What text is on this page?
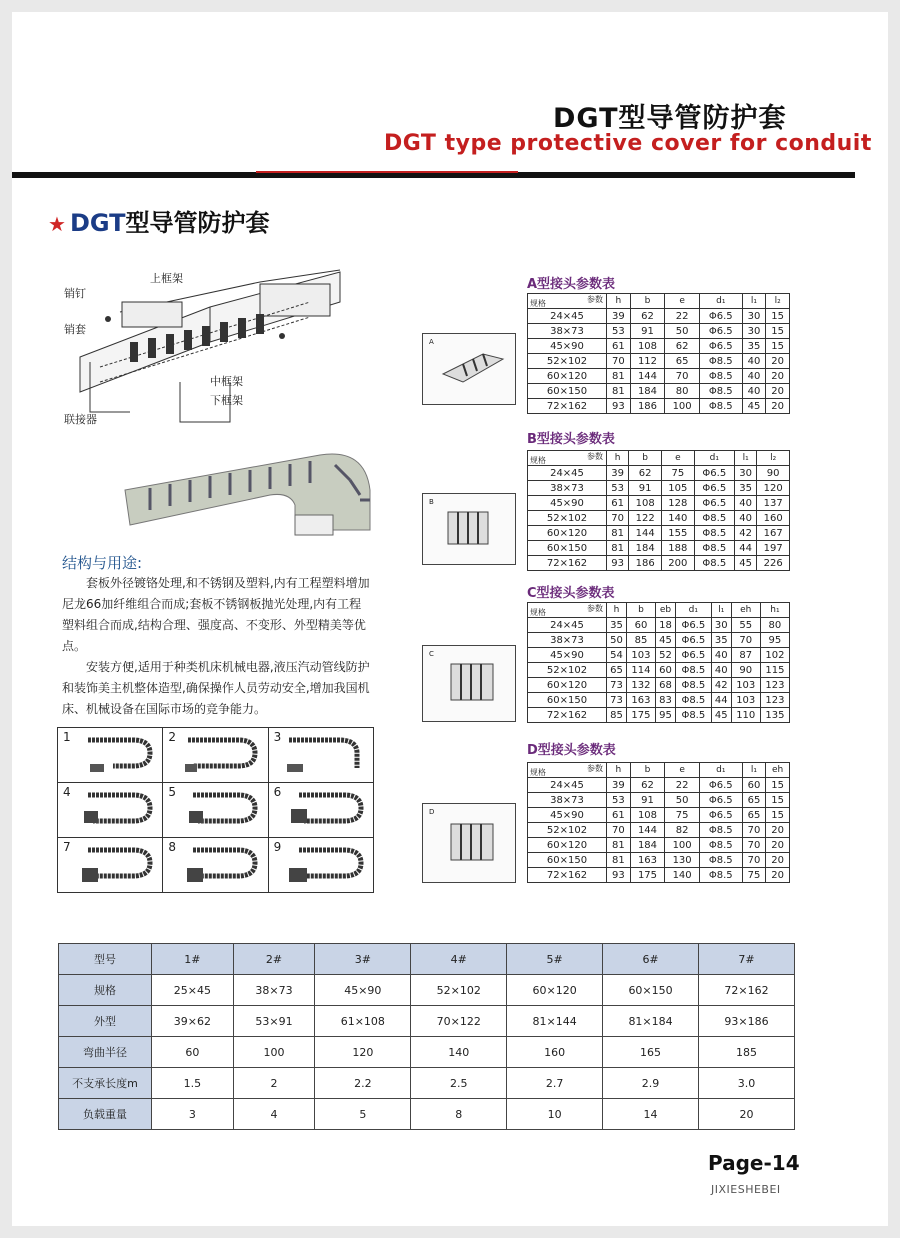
DGT型导管防护套
DGT type protective cover for conduit
★ DGT型导管防护套
上框架
销钉
销套
中框架
下框架
联接器
结构与用途:
套板外径镀铬处理,和不锈钢及塑料,内有工程塑料增加尼龙66加纤维组合而成;套板不锈钢板抛光处理,内有工程塑料组合而成,结构合理、强度高、不变形、外型精美等优点。
安装方便,适用于种类机床机械电器,液压汽动管线防护和装饰美主机整体造型,确保操作人员劳动安全,增加我国机床、机械设备在国际市场的竞争能力。
1	2	3

4	5	6

7	8	9
A
B
C
D
A型接头参数表
参数
规格	h	b	e	d₁	l₁	l₂
24×45	39	62	22	Φ6.5	30	15
38×73	53	91	50	Φ6.5	30	15
45×90	61	108	62	Φ6.5	35	15
52×102	70	112	65	Φ8.5	40	20
60×120	81	144	70	Φ8.5	40	20
60×150	81	184	80	Φ8.5	40	20
72×162	93	186	100	Φ8.5	45	20
B型接头参数表
参数
规格	h	b	e	d₁	l₁	l₂
24×45	39	62	75	Φ6.5	30	90
38×73	53	91	105	Φ6.5	35	120
45×90	61	108	128	Φ6.5	40	137
52×102	70	122	140	Φ8.5	40	160
60×120	81	144	155	Φ8.5	42	167
60×150	81	184	188	Φ8.5	44	197
72×162	93	186	200	Φ8.5	45	226
C型接头参数表
参数
规格	h	b	eb	d₁	l₁	eh	h₁
24×45	35	60	18	Φ6.5	30	55	80
38×73	50	85	45	Φ6.5	35	70	95
45×90	54	103	52	Φ6.5	40	87	102
52×102	65	114	60	Φ8.5	40	90	115
60×120	73	132	68	Φ8.5	42	103	123
60×150	73	163	83	Φ8.5	44	103	123
72×162	85	175	95	Φ8.5	45	110	135
D型接头参数表
参数
规格	h	b	e	d₁	l₁	eh
24×45	39	62	22	Φ6.5	60	15
38×73	53	91	50	Φ6.5	65	15
45×90	61	108	75	Φ6.5	65	15
52×102	70	144	82	Φ8.5	70	20
60×120	81	184	100	Φ8.5	70	20
60×150	81	163	130	Φ8.5	70	20
72×162	93	175	140	Φ8.5	75	20
型号	1#	2#	3#	4#	5#	6#	7#
规格	25×45	38×73	45×90	52×102	60×120	60×150	72×162
外型	39×62	53×91	61×108	70×122	81×144	81×184	93×186
弯曲半径	60	100	120	140	160	165	185
不支承长度m	1.5	2	2.2	2.5	2.7	2.9	3.0
负载重量	3	4	5	8	10	14	20
Page-14
JIXIESHEBEI
